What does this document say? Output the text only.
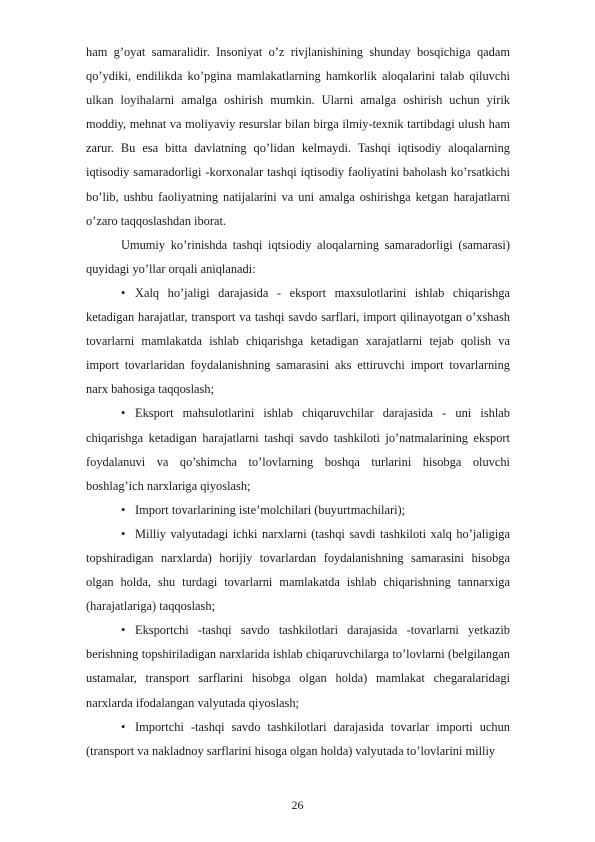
ham g’oyat samaralidir. Insoniyat o’z rivjlanishining shunday bosqichiga qadam qo’ydiki, endilikda ko’pgina mamlakatlarning hamkorlik aloqalarini talab qiluvchi ulkan loyihalarni amalga oshirish mumkin. Ularni amalga oshirish uchun yirik moddiy, mehnat va moliyaviy resurslar bilan birga ilmiy-texnik tartibdagi ulush ham zarur. Bu esa bitta davlatning qo’lidan kelmaydi. Tashqi iqtisodiy aloqalarning iqtisodiy samaradorligi -korxonalar tashqi iqtisodiy faoliyatini baholash ko’rsatkichi bo’lib, ushbu faoliyatning natijalarini va uni amalga oshirishga ketgan harajatlarni o’zaro taqqoslashdan iborat.

Umumiy ko’rinishda tashqi iqtsiodiy aloqalarning samaradorligi (samarasi) quyidagi yo’llar orqali aniqlanadi:

• Xalq ho’jaligi darajasida - eksport maxsulotlarini ishlab chiqarishga ketadigan harajatlar, transport va tashqi savdo sarflari, import qilinayotgan o’xshash tovarlarni mamlakatda ishlab chiqarishga ketadigan xarajatlarni tejab qolish va import tovarlaridan foydalanishning samarasini aks ettiruvchi import tovarlarning narx bahosiga taqqoslash;

• Eksport mahsulotlarini ishlab chiqaruvchilar darajasida - uni ishlab chiqarishga ketadigan harajatlarni tashqi savdo tashkiloti jo’natmalarining eksport foydalanuvi va qo’shimcha to’lovlarning boshqa turlarini hisobga oluvchi boshlag’ich narxlariga qiyoslash;

• Import tovarlarining iste’molchilari (buyurtmachilari);

• Milliy valyutadagi ichki narxlarni (tashqi savdi tashkiloti xalq ho’jaligiga topshiradigan narxlarda) horijiy tovarlardan foydalanishning samarasini hisobga olgan holda, shu turdagi tovarlarni mamlakatda ishlab chiqarishning tannarxiga (harajatlariga) taqqoslash;

• Eksportchi -tashqi savdo tashkilotlari darajasida -tovarlarni yetkazib berishning topshiriladigan narxlarida ishlab chiqaruvchilarga to’lovlarni (belgilangan ustamalar, transport sarflarini hisobga olgan holda) mamlakat chegaralaridagi narxlarda ifodalangan valyutada qiyoslash;

• Importchi -tashqi savdo tashkilotlari darajasida tovarlar importi uchun (transport va nakladnoy sarflarini hisoga olgan holda) valyutada to’lovlarini milliy

26
